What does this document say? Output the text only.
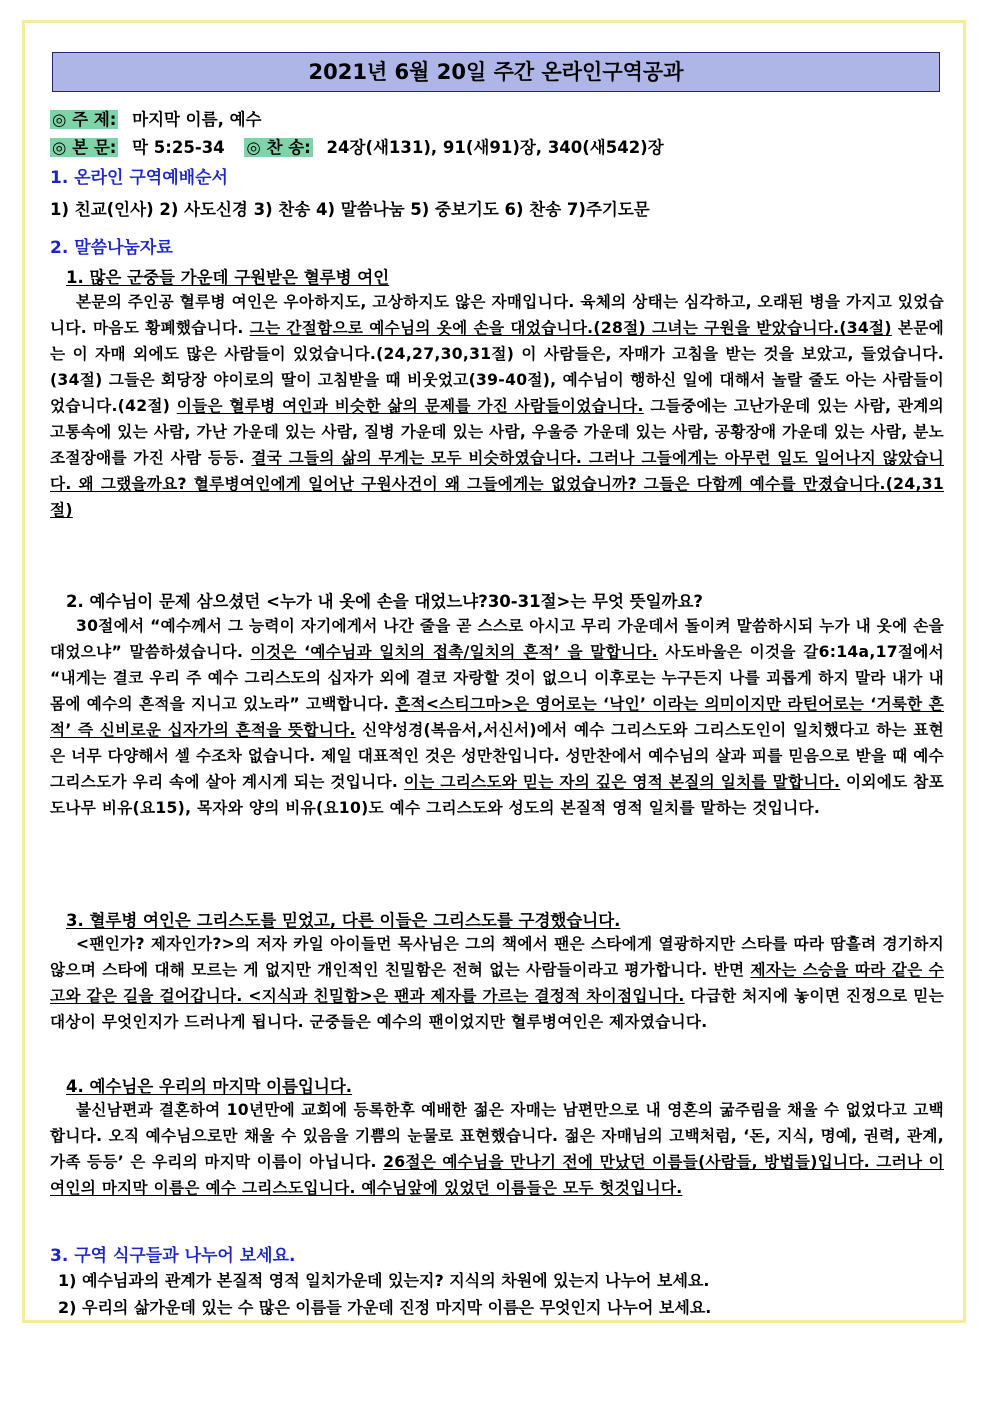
2021년 6월 20일 주간 온라인구역공과
◎ 주 제: 마지막 이름, 예수
◎ 본 문: 막 5:25-34 ◎ 찬 송: 24장(새131), 91(새91)장, 340(새542)장
1. 온라인 구역예배순서
1) 친교(인사) 2) 사도신경 3) 찬송 4) 말씀나눔 5) 중보기도 6) 찬송 7)주기도문
2. 말씀나눔자료
1. 많은 군중들 가운데 구원받은 혈루병 여인
본문의 주인공 혈루병 여인은 우아하지도, 고상하지도 않은 자매입니다. 육체의 상태는 심각하고, 오래된 병을 가지고 있었습니다. 마음도 황폐했습니다. 그는 간절함으로 예수님의 옷에 손을 대었습니다.(28절) 그녀는 구원을 받았습니다.(34절) 본문에는 이 자매 외에도 많은 사람들이 있었습니다.(24,27,30,31절) 이 사람들은, 자매가 고침을 받는 것을 보았고, 들었습니다.(34절) 그들은 회당장 야이로의 딸이 고침받을 때 비웃었고(39-40절), 예수님이 행하신 일에 대해서 놀랄 줄도 아는 사람들이었습니다.(42절) 이들은 혈루병 여인과 비슷한 삶의 문제를 가진 사람들이었습니다. 그들중에는 고난가운데 있는 사람, 관계의 고통속에 있는 사람, 가난 가운데 있는 사람, 질병 가운데 있는 사람, 우울증 가운데 있는 사람, 공황장애 가운데 있는 사람, 분노조절장애를 가진 사람 등등. 결국 그들의 삶의 무게는 모두 비슷하였습니다. 그러나 그들에게는 아무런 일도 일어나지 않았습니다. 왜 그랬을까요? 혈루병여인에게 일어난 구원사건이 왜 그들에게는 없었습니까? 그들은 다함께 예수를 만졌습니다.(24,31절)
2. 예수님이 문제 삼으셨던 <누가 내 옷에 손을 대었느냐?30-31절>는 무엇 뜻일까요?
30절에서 “예수께서 그 능력이 자기에게서 나간 줄을 곧 스스로 아시고 무리 가운데서 돌이켜 말씀하시되 누가 내 옷에 손을 대었으냐” 말씀하셨습니다. 이것은 ‘예수님과 일치의 접촉/일치의 흔적’ 을 말합니다. 사도바울은 이것을 갈6:14a,17절에서 “내게는 결코 우리 주 예수 그리스도의 십자가 외에 결코 자랑할 것이 없으니 이후로는 누구든지 나를 괴롭게 하지 말라 내가 내 몸에 예수의 흔적을 지니고 있노라” 고백합니다. 흔적<스티그마>은 영어로는 ‘낙인’ 이라는 의미이지만 라틴어로는 ‘거룩한 흔적’ 즉 신비로운 십자가의 흔적을 뜻합니다. 신약성경(복음서,서신서)에서 예수 그리스도와 그리스도인이 일치했다고 하는 표현은 너무 다양해서 셀 수조차 없습니다. 제일 대표적인 것은 성만찬입니다. 성만찬에서 예수님의 살과 피를 믿음으로 받을 때 예수 그리스도가 우리 속에 살아 계시게 되는 것입니다. 이는 그리스도와 믿는 자의 깊은 영적 본질의 일치를 말합니다. 이외에도 참포도나무 비유(요15), 목자와 양의 비유(요10)도 예수 그리스도와 성도의 본질적 영적 일치를 말하는 것입니다.
3. 혈루병 여인은 그리스도를 믿었고, 다른 이들은 그리스도를 구경했습니다.
<팬인가? 제자인가?>의 저자 카일 아이들먼 목사님은 그의 책에서 팬은 스타에게 열광하지만 스타를 따라 땀흘려 경기하지 않으며 스타에 대해 모르는 게 없지만 개인적인 친밀함은 전혀 없는 사람들이라고 평가합니다. 반면 제자는 스승을 따라 같은 수고와 같은 길을 걸어갑니다. <지식과 친밀함>은 팬과 제자를 가르는 결정적 차이점입니다. 다급한 처지에 놓이면 진정으로 믿는 대상이 무엇인지가 드러나게 됩니다. 군중들은 예수의 팬이었지만 혈루병여인은 제자였습니다.
4. 예수님은 우리의 마지막 이름입니다.
불신남편과 결혼하여 10년만에 교회에 등록한후 예배한 젊은 자매는 남편만으로 내 영혼의 굶주림을 채울 수 없었다고 고백합니다. 오직 예수님으로만 채울 수 있음을 기쁨의 눈물로 표현했습니다. 젊은 자매님의 고백처럼, ‘돈, 지식, 명예, 권력, 관계, 가족 등등’ 은 우리의 마지막 이름이 아닙니다. 26절은 예수님을 만나기 전에 만났던 이름들(사람들, 방법들)입니다. 그러나 이 여인의 마지막 이름은 예수 그리스도입니다. 예수님앞에 있었던 이름들은 모두 헛것입니다.
3. 구역 식구들과 나누어 보세요.
1) 예수님과의 관계가 본질적 영적 일치가운데 있는지? 지식의 차원에 있는지 나누어 보세요.
2) 우리의 삶가운데 있는 수 많은 이름들 가운데 진정 마지막 이름은 무엇인지 나누어 보세요.
